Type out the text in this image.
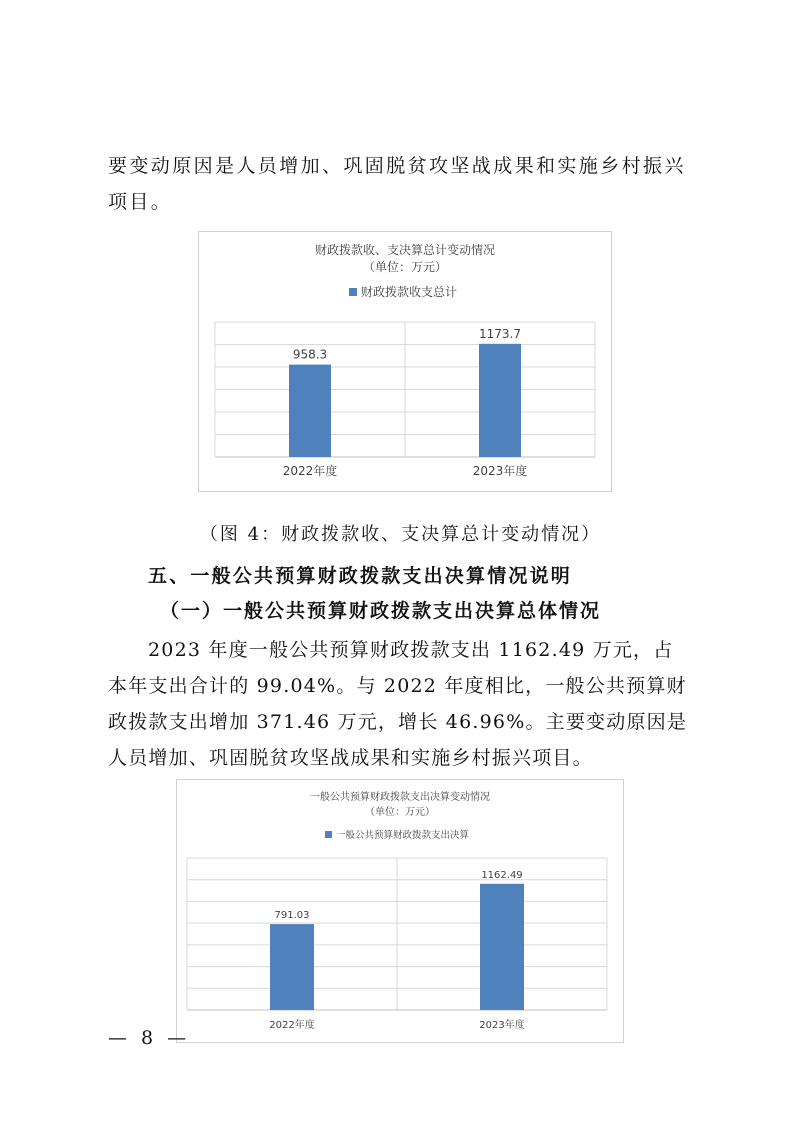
要变动原因是人员增加、巩固脱贫攻坚战成果和实施乡村振兴项目。

财政拨款收、支决算总计变动情况
（单位：万元）
财政拨款收支总计
958.3
1173.7
2022年度	2023年度
（图 4：财政拨款收、支决算总计变动情况）
五、一般公共预算财政拨款支出决算情况说明
（一）一般公共预算财政拨款支出决算总体情况

2023 年度一般公共预算财政拨款支出 1162.49 万元，占本年支出合计的 99.04%。与 2022 年度相比，一般公共预算财政拨款支出增加 371.46 万元，增长 46.96%。主要变动原因是人员增加、巩固脱贫攻坚战成果和实施乡村振兴项目。

一般公共预算财政拨款支出决算变动情况
（单位：万元）
一般公共预算财政拨款支出决算
791.03
1162.49
2022年度	2023年度
— 8 —
